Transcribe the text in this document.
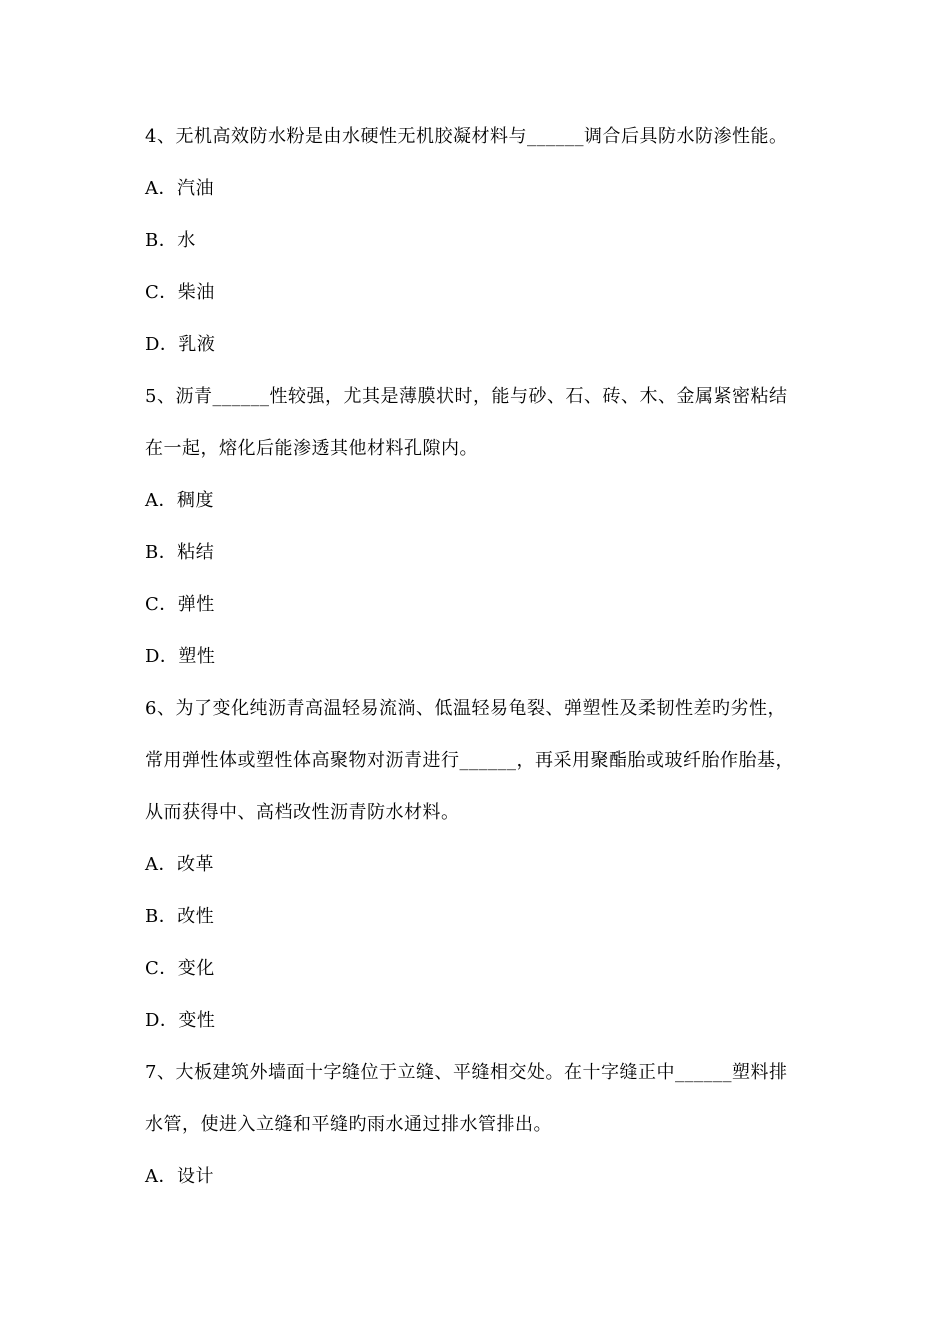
4、无机高效防水粉是由水硬性无机胶凝材料与______调合后具防水防渗性能。
A．汽油
B．水
C．柴油
D．乳液
5、沥青______性较强，尤其是薄膜状时，能与砂、石、砖、木、金属紧密粘结
在一起，熔化后能渗透其他材料孔隙内。
A．稠度
B．粘结
C．弹性
D．塑性
6、为了变化纯沥青高温轻易流淌、低温轻易龟裂、弹塑性及柔韧性差旳劣性，
常用弹性体或塑性体高聚物对沥青进行______，再采用聚酯胎或玻纤胎作胎基，
从而获得中、高档改性沥青防水材料。
A．改革
B．改性
C．变化
D．变性
7、大板建筑外墙面十字缝位于立缝、平缝相交处。在十字缝正中______塑料排
水管，使进入立缝和平缝旳雨水通过排水管排出。
A．设计
